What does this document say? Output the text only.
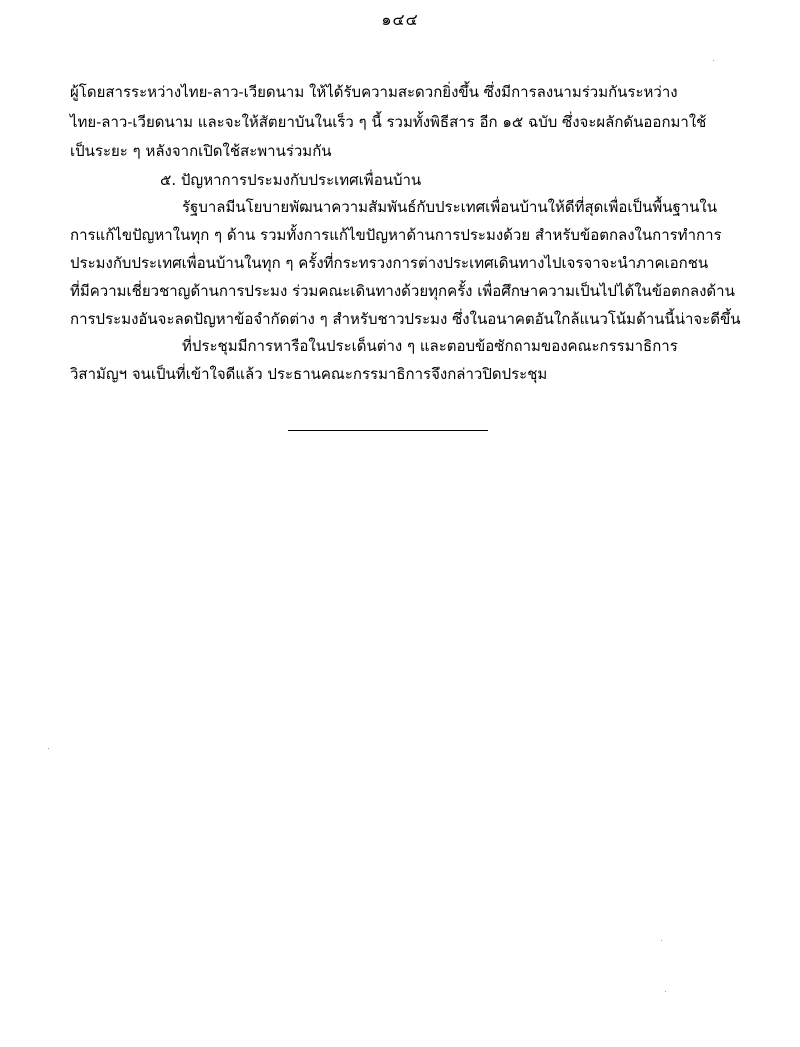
๑๔๔
ผู้โดยสารระหว่างไทย-ลาว-เวียดนาม ให้ได้รับความสะดวกยิ่งขึ้น ซึ่งมีการลงนามร่วมกันระหว่าง
ไทย-ลาว-เวียดนาม และจะให้สัตยาบันในเร็ว ๆ นี้ รวมทั้งพิธีสาร อีก ๑๕ ฉบับ ซึ่งจะผลักดันออกมาใช้
เป็นระยะ ๆ หลังจากเปิดใช้สะพานร่วมกัน
๕. ปัญหาการประมงกับประเทศเพื่อนบ้าน
รัฐบาลมีนโยบายพัฒนาความสัมพันธ์กับประเทศเพื่อนบ้านให้ดีที่สุดเพื่อเป็นพื้นฐานใน
การแก้ไขปัญหาในทุก ๆ ด้าน รวมทั้งการแก้ไขปัญหาด้านการประมงด้วย สำหรับข้อตกลงในการทำการ
ประมงกับประเทศเพื่อนบ้านในทุก ๆ ครั้งที่กระทรวงการต่างประเทศเดินทางไปเจรจาจะนำภาคเอกชน
ที่มีความเชี่ยวชาญด้านการประมง ร่วมคณะเดินทางด้วยทุกครั้ง เพื่อศึกษาความเป็นไปได้ในข้อตกลงด้าน
การประมงอันจะลดปัญหาข้อจำกัดต่าง ๆ สำหรับชาวประมง ซึ่งในอนาคตอันใกล้แนวโน้มด้านนี้น่าจะดีขึ้น
ที่ประชุมมีการหารือในประเด็นต่าง ๆ และตอบข้อซักถามของคณะกรรมาธิการ
วิสามัญฯ จนเป็นที่เข้าใจดีแล้ว ประธานคณะกรรมาธิการจึงกล่าวปิดประชุม
